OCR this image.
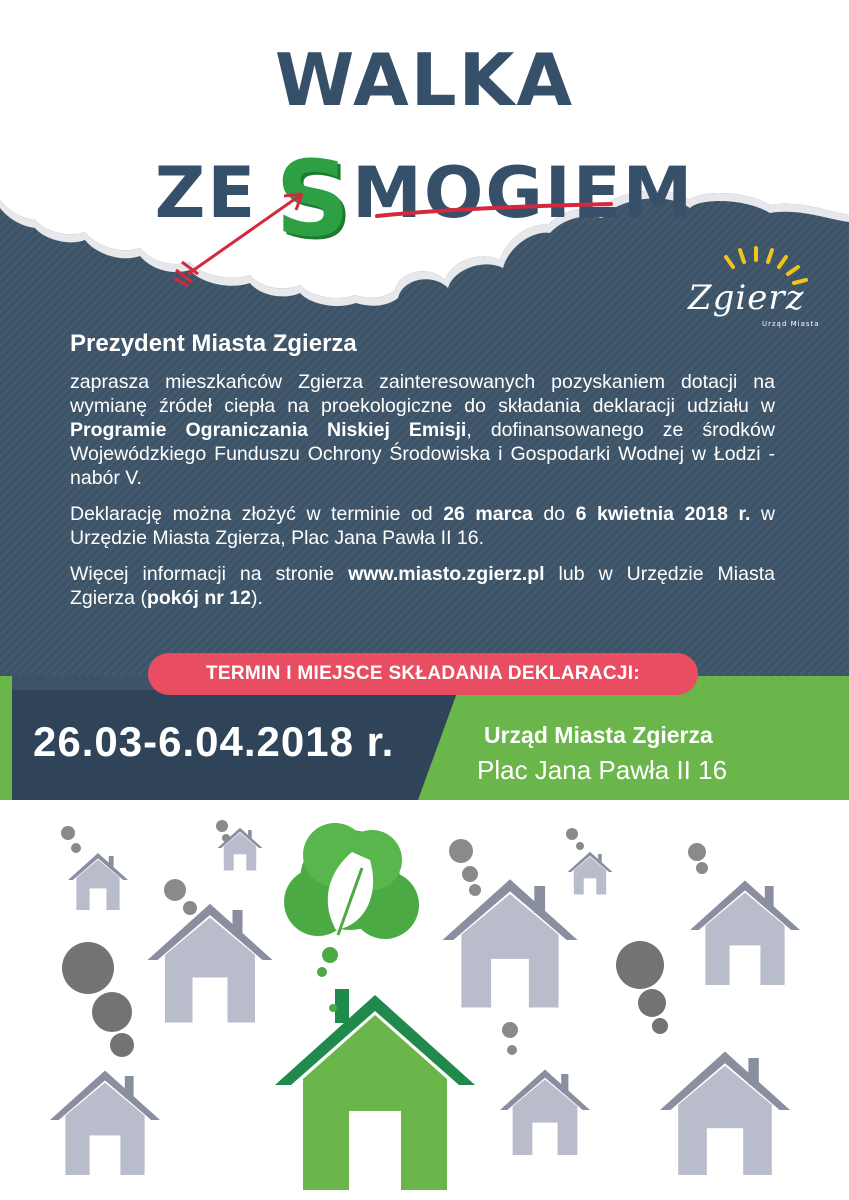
WALKA
ZE SMOGIEM
Zgierz
Urząd Miasta
Prezydent Miasta Zgierza

zaprasza mieszkańców Zgierza zainteresowanych pozyskaniem dotacji na wymianę źródeł ciepła na proekologiczne do składania deklaracji udziału w Programie Ograniczania Niskiej Emisji, dofinansowanego ze środków Wojewódzkiego Funduszu Ochrony Środowiska i Gospodarki Wodnej w Łodzi - nabór V.

Deklarację można złożyć w terminie od 26 marca do 6 kwietnia 2018 r. w Urzędzie Miasta Zgierza, Plac Jana Pawła II 16.

Więcej informacji na stronie www.miasto.zgierz.pl lub w Urzędzie Miasta Zgierza (pokój nr 12).

TERMIN I MIEJSCE SKŁADANIA DEKLARACJI:
26.03-6.04.2018 r.	Urząd Miasta Zgierza
Plac Jana Pawła II 16
